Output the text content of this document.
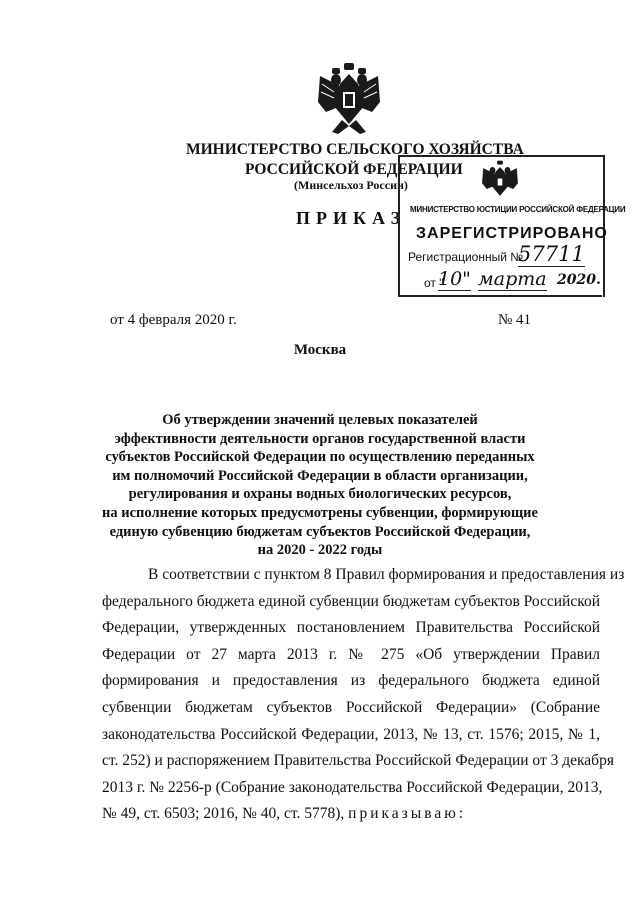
МИНИСТЕРСТВО СЕЛЬСКОГО ХОЗЯЙСТВА
РОССИЙСКОЙ ФЕДЕРАЦИИ
(Минсельхоз России)
ПРИКАЗ МИНИСТЕРСТВО ЮСТИЦИИ РОССИЙСКОЙ ФЕДЕРАЦИИ
ЗАРЕГИСТРИРОВАНО
Регистрационный №
57711
от "
10" марта 2020.
от 4 февраля 2020 г.	№ 41
Москва
Об утверждении значений целевых показателей
эффективности деятельности органов государственной власти
субъектов Российской Федерации по осуществлению переданных
им полномочий Российской Федерации в области организации,
регулирования и охраны водных биологических ресурсов,
на исполнение которых предусмотрены субвенции, формирующие
единую субвенцию бюджетам субъектов Российской Федерации,
на 2020 - 2022 годы
В соответствии с пунктом 8 Правил формирования и предоставления из
федерального бюджета единой субвенции бюджетам субъектов Российской
Федерации, утвержденных постановлением Правительства Российской
Федерации от 27 марта 2013 г. № 275 «Об утверждении Правил
формирования и предоставления из федерального бюджета единой
субвенции бюджетам субъектов Российской Федерации» (Собрание
законодательства Российской Федерации, 2013, № 13, ст. 1576; 2015, № 1,
ст. 252) и распоряжением Правительства Российской Федерации от 3 декабря
2013 г. № 2256-р (Собрание законодательства Российской Федерации, 2013,
№ 49, ст. 6503; 2016, № 40, ст. 5778), приказываю:
